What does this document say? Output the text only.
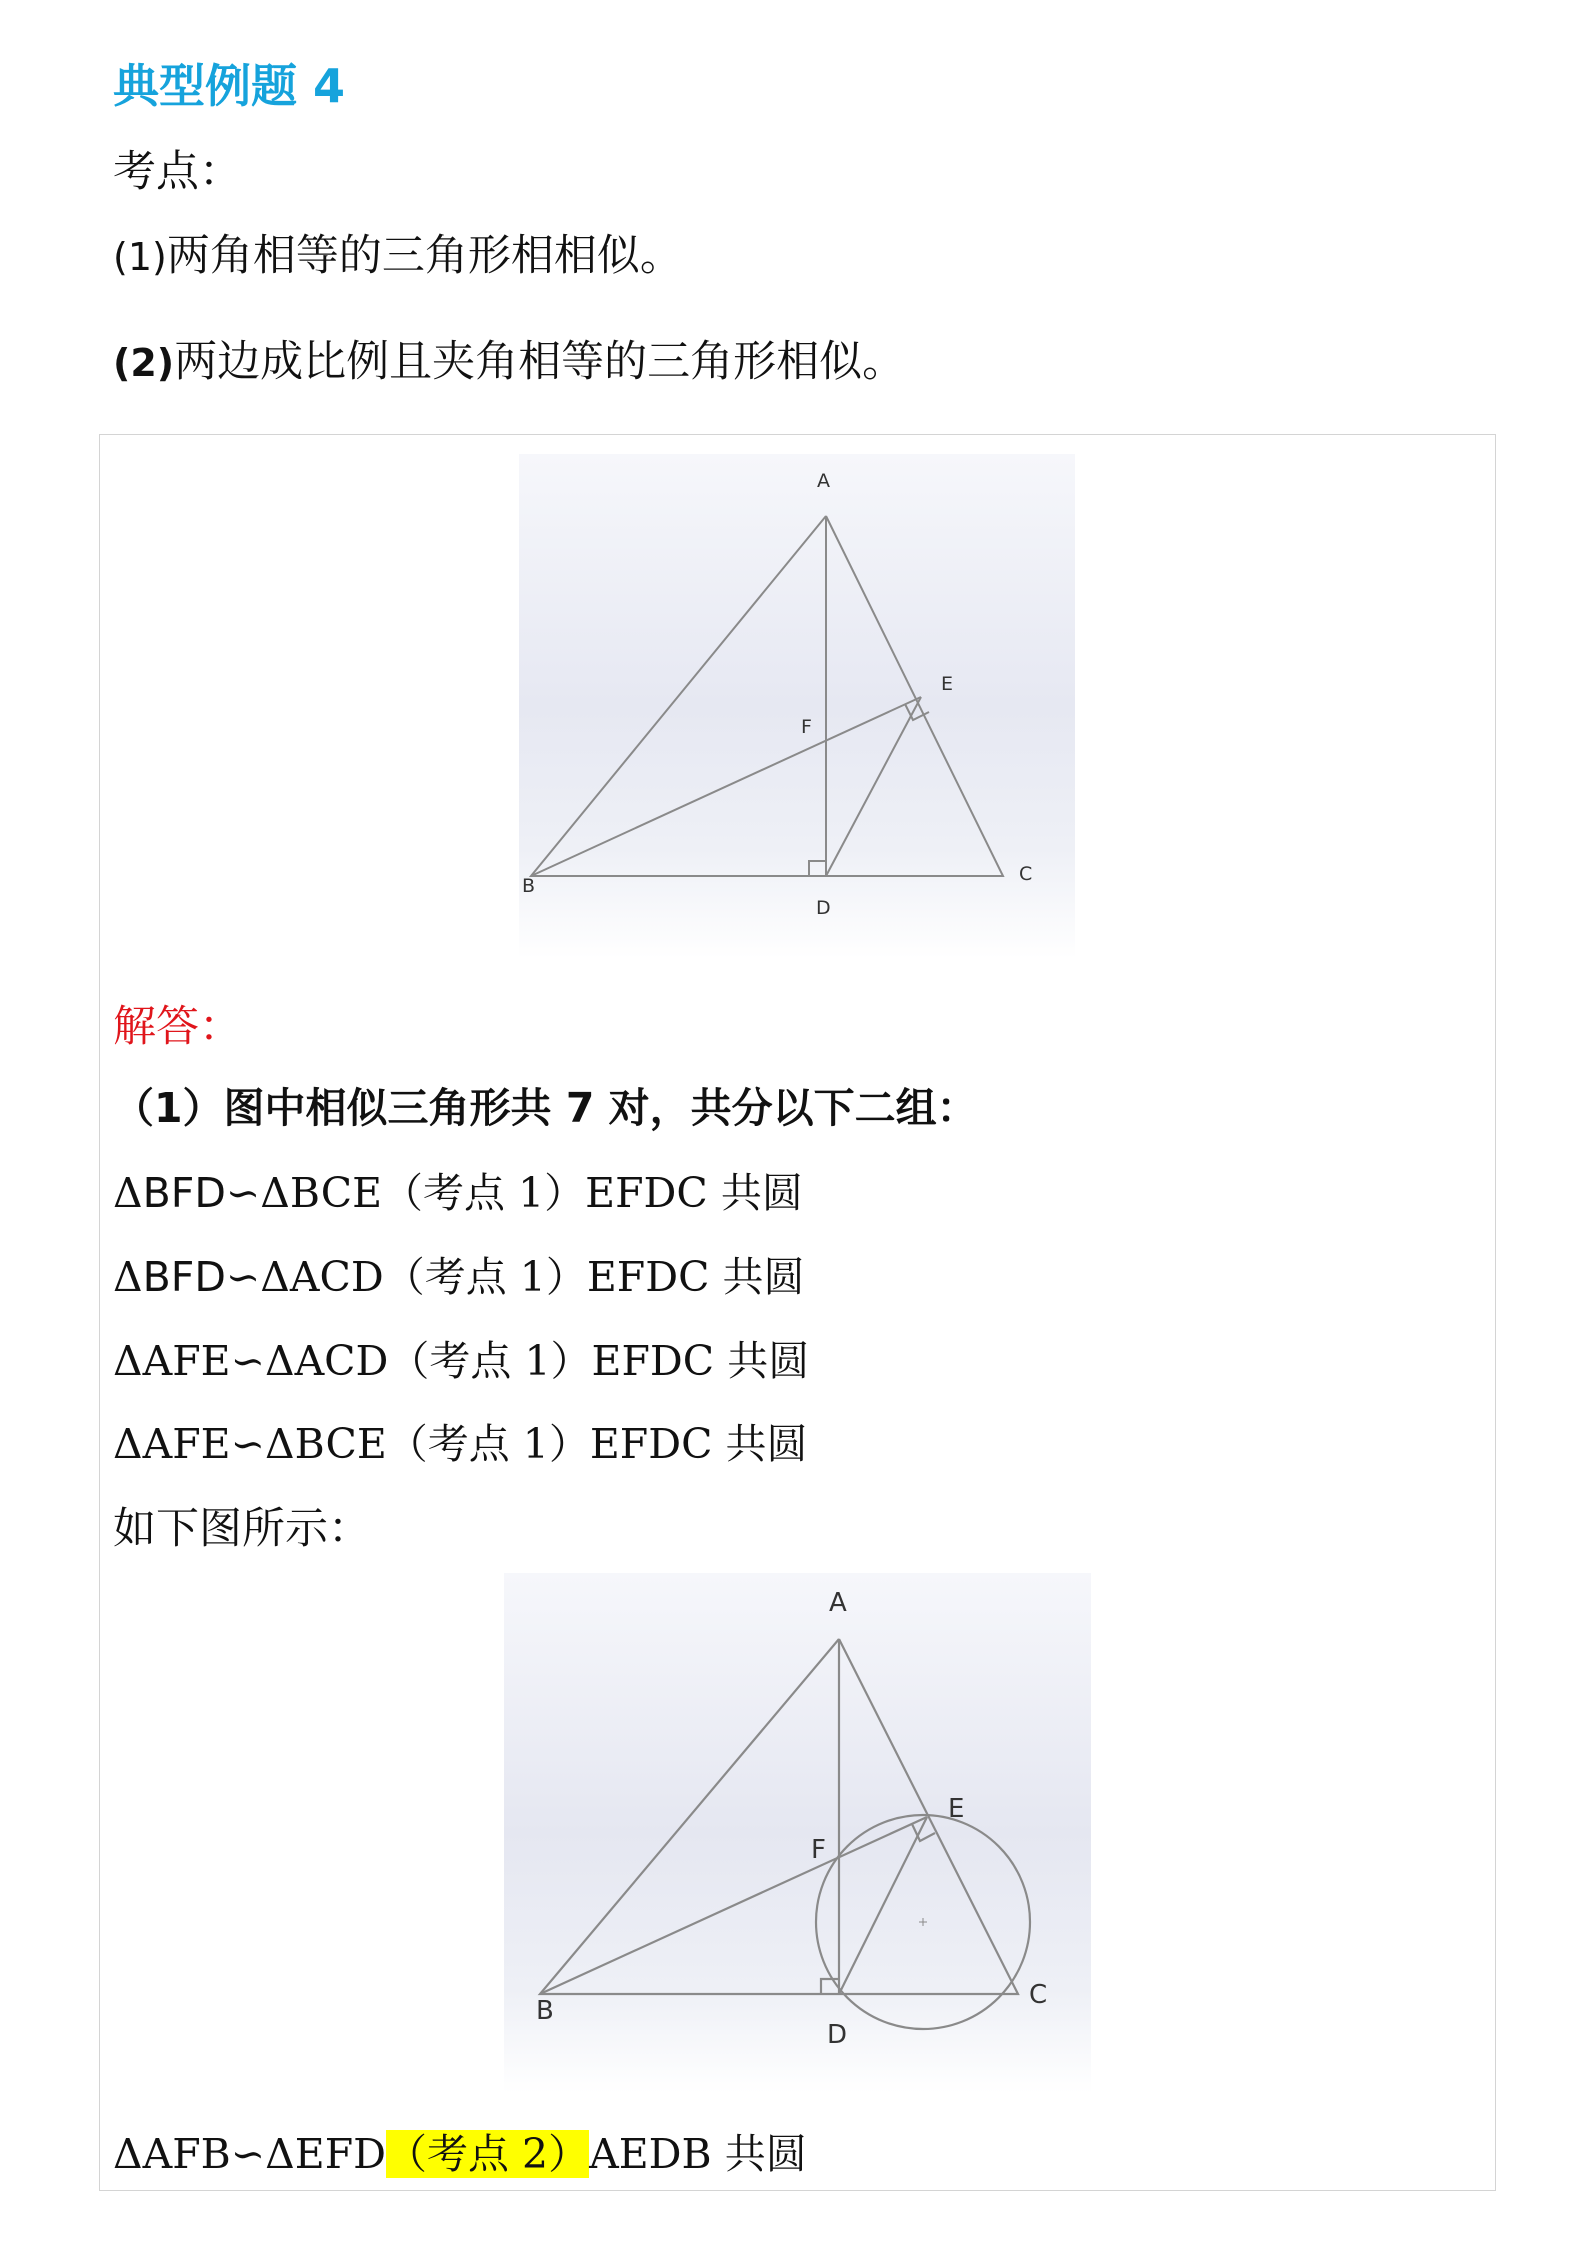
典型例题 4
考点：
(1)两角相等的三角形相相似。
(2)两边成比例且夹角相等的三角形相似。
A
B
C
D
E
F
解答：
（1）图中相似三角形共 7 对，共分以下二组：
ΔBFD∽ΔBCE（考点 1）EFDC 共圆
ΔBFD∽ΔACD（考点 1）EFDC 共圆
ΔAFE∽ΔACD（考点 1）EFDC 共圆
ΔAFE∽ΔBCE（考点 1）EFDC 共圆
如下图所示：
A
B
C
D
E
F
ΔAFB∽ΔEFD（考点 2）AEDB 共圆
